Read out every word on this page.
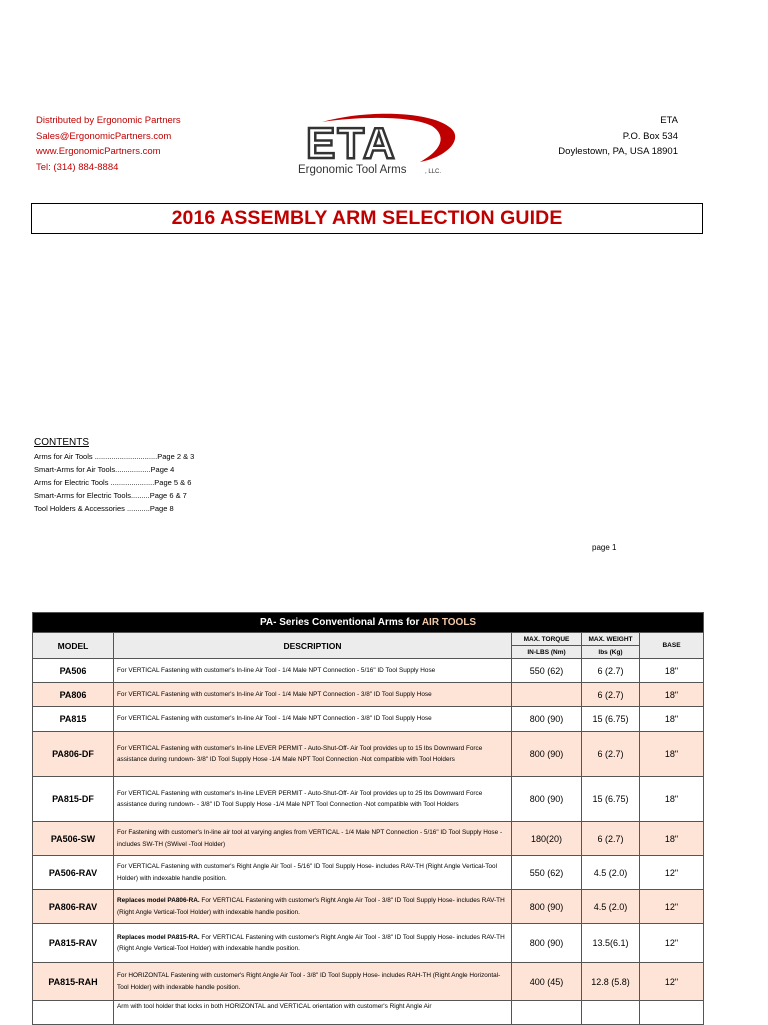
Distributed by Ergonomic Partners
Sales@ErgonomicPartners.com
www.ErgonomicPartners.com
Tel: (314) 884-8884	ETA
Ergonomic Tool Arms	, LLC.
ETA
P.O. Box 534
Doylestown, PA, USA 18901
2016 ASSEMBLY ARM SELECTION GUIDE
CONTENTS
Arms for Air Tools ..............................Page 2 & 3
Smart-Arms for Air Tools.................Page 4
Arms for Electric Tools .....................Page 5 & 6
Smart-Arms for Electric Tools.........Page 6 & 7
Tool Holders & Accessories ...........Page 8
page 1
PA- Series Conventional Arms for AIR TOOLS				
MODEL	DESCRIPTION	MAX. TORQUE	MAX. WEIGHT	BASE
		IN-LBS (Nm)	lbs (Kg)	
PA506	For VERTICAL Fastening with customer's In-line Air Tool - 1/4 Male NPT Connection - 5/16" ID Tool Supply Hose	550 (62)	6 (2.7)	18"
PA806	For VERTICAL Fastening with customer's In-line Air Tool - 1/4 Male NPT Connection - 3/8" ID Tool Supply Hose		6 (2.7)	18"
PA815	For VERTICAL Fastening with customer's In-line Air Tool - 1/4 Male NPT Connection - 3/8" ID Tool Supply Hose	800 (90)	15 (6.75)	18"
PA806-DF	For VERTICAL Fastening with customer's In-line LEVER PERMIT - Auto-Shut-Off- Air Tool provides up to 15 lbs Downward Force assistance during rundown- 3/8" ID Tool Supply Hose -1/4 Male NPT Tool Connection -Not compatible with Tool Holders	800 (90)	6 (2.7)	18"
PA815-DF	For VERTICAL Fastening with customer's In-line LEVER PERMIT - Auto-Shut-Off- Air Tool provides up to 25 lbs Downward Force assistance during rundown- - 3/8" ID Tool Supply Hose -1/4 Male NPT Tool Connection -Not compatible with Tool Holders	800 (90)	15 (6.75)	18"
PA506-SW	For Fastening with customer's In-line air tool at varying angles from VERTICAL - 1/4 Male NPT Connection - 5/16" ID Tool Supply Hose -includes SW-TH (SWivel -Tool Holder)	180(20)	6 (2.7)	18"
PA506-RAV	For VERTICAL Fastening with customer's Right Angle Air Tool - 5/16" ID Tool Supply Hose- includes RAV-TH (Right Angle Vertical-Tool Holder) with indexable handle position.	550 (62)	4.5 (2.0)	12"
PA806-RAV	Replaces model PA806-RA. For VERTICAL Fastening with customer's Right Angle Air Tool - 3/8" ID Tool Supply Hose- includes RAV-TH (Right Angle Vertical-Tool Holder) with indexable handle position.	800 (90)	4.5 (2.0)	12"
PA815-RAV	Replaces model PA815-RA. For VERTICAL Fastening with customer's Right Angle Air Tool - 3/8" ID Tool Supply Hose- includes RAV-TH (Right Angle Vertical-Tool Holder) with indexable handle position.	800 (90)	13.5(6.1)	12"
PA815-RAH	For HORIZONTAL Fastening with customer's Right Angle Air Tool - 3/8" ID Tool Supply Hose- includes RAH-TH (Right Angle Horizontal-Tool Holder) with indexable handle position.	400 (45)	12.8 (5.8)	12"
	Arm with tool holder that locks in both HORIZONTAL and VERTICAL orientation with customer's Right Angle Air			
